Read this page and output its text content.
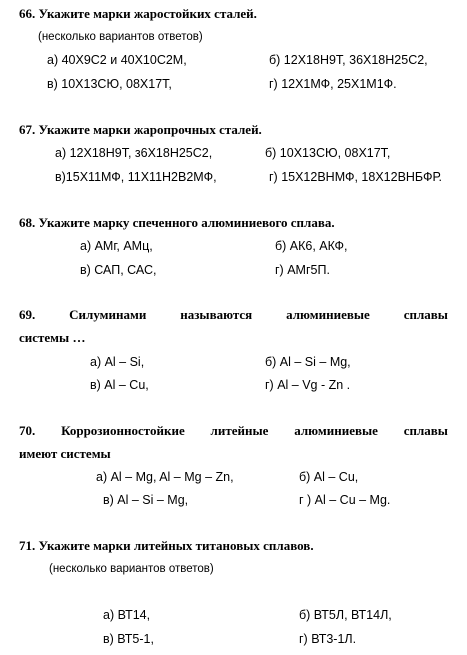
66. Укажите марки жаростойких сталей.
(несколько вариантов ответов)
а) 40Х9С2 и 40Х10С2М,	б) 12Х18Н9Т, 36Х18Н25С2,
в) 10Х13СЮ, 08Х17Т,	г) 12Х1МФ, 25Х1М1Ф.
67. Укажите марки жаропрочных сталей.
а) 12Х18Н9Т, з6Х18Н25С2,	б) 10Х13СЮ, 08Х17Т,
в)15Х11МФ, 11Х11Н2В2МФ,	г) 15Х12ВНМФ, 18Х12ВНБФР.
68. Укажите марку спеченного алюминиевого сплава.
а) АМг, АМц,	б) АК6, АКФ,
в) САП, САС,	г) АМг5П.
69.	Силуминами	называются	алюминиевые	сплавы
системы …
а) Al – Si,	б) Al – Si – Mg,
в) Al – Cu,	г) Al – Vg - Zn .
70. Коррозионностойкие литейные алюминиевые сплавы
имеют системы
а) Al – Mg, Al – Mg – Zn,	б) Al – Cu,
в) Al – Si – Mg,	г ) Al – Cu – Mg.
71. Укажите марки литейных титановых сплавов.
(несколько вариантов ответов)
а) ВТ14,	б) ВТ5Л, ВТ14Л,
в) ВТ5-1,	г) ВТ3-1Л.
